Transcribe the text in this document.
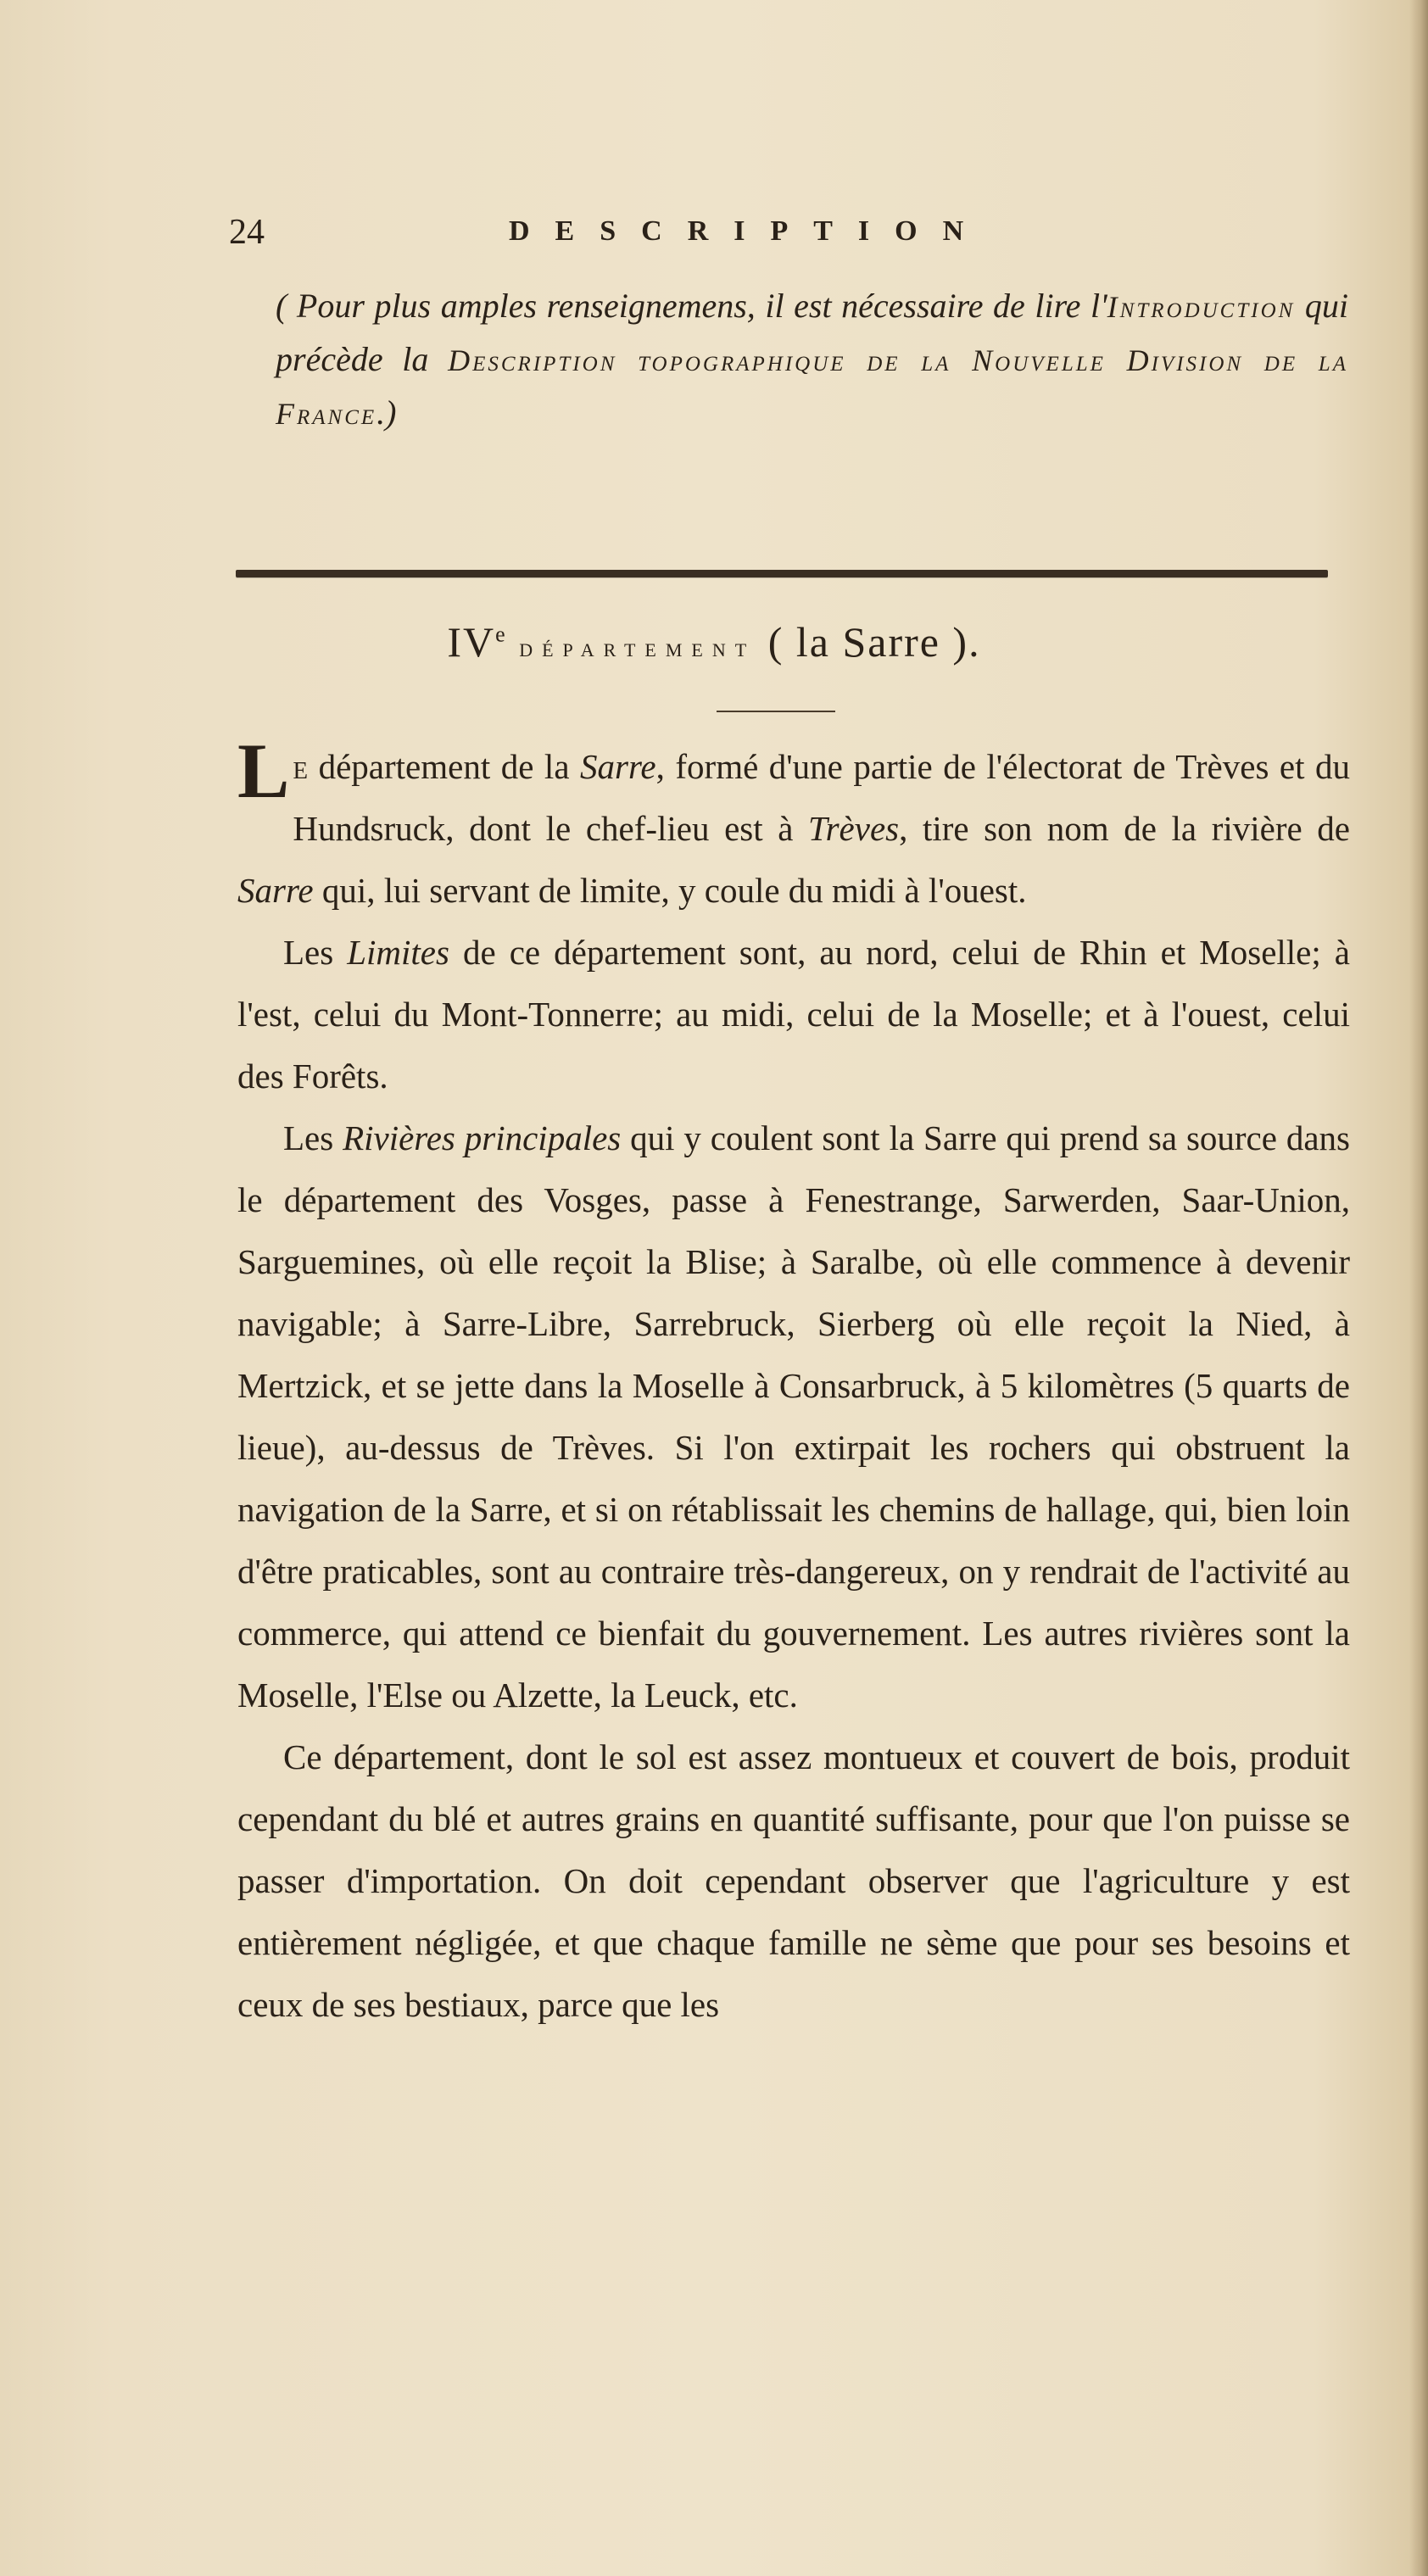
24	DESCRIPTION
( Pour plus amples renseignemens, il est nécessaire de lire l'Introduction qui précède la Description topographique de la Nouvelle Division de la France.)
IVe département ( la Sarre ).

Le département de la Sarre, formé d'une partie de l'électorat de Trèves et du Hundsruck, dont le chef-lieu est à Trèves, tire son nom de la rivière de Sarre qui, lui servant de limite, y coule du midi à l'ouest.

Les Limites de ce département sont, au nord, celui de Rhin et Moselle; à l'est, celui du Mont-Tonnerre; au midi, celui de la Moselle; et à l'ouest, celui des Forêts.

Les Rivières principales qui y coulent sont la Sarre qui prend sa source dans le département des Vosges, passe à Fenestrange, Sarwerden, Saar-Union, Sarguemines, où elle reçoit la Blise; à Saralbe, où elle commence à devenir navigable; à Sarre-Libre, Sarrebruck, Sierberg où elle reçoit la Nied, à Mertzick, et se jette dans la Moselle à Consarbruck, à 5 kilomètres (5 quarts de lieue), au-dessus de Trèves. Si l'on extirpait les rochers qui obstruent la navigation de la Sarre, et si on rétablissait les chemins de hallage, qui, bien loin d'être praticables, sont au contraire très-dangereux, on y rendrait de l'activité au commerce, qui attend ce bienfait du gouvernement. Les autres rivières sont la Moselle, l'Else ou Alzette, la Leuck, etc.

Ce département, dont le sol est assez montueux et couvert de bois, produit cependant du blé et autres grains en quantité suffisante, pour que l'on puisse se passer d'importation. On doit cependant observer que l'agriculture y est entièrement négligée, et que chaque famille ne sème que pour ses besoins et ceux de ses bestiaux, parce que les
